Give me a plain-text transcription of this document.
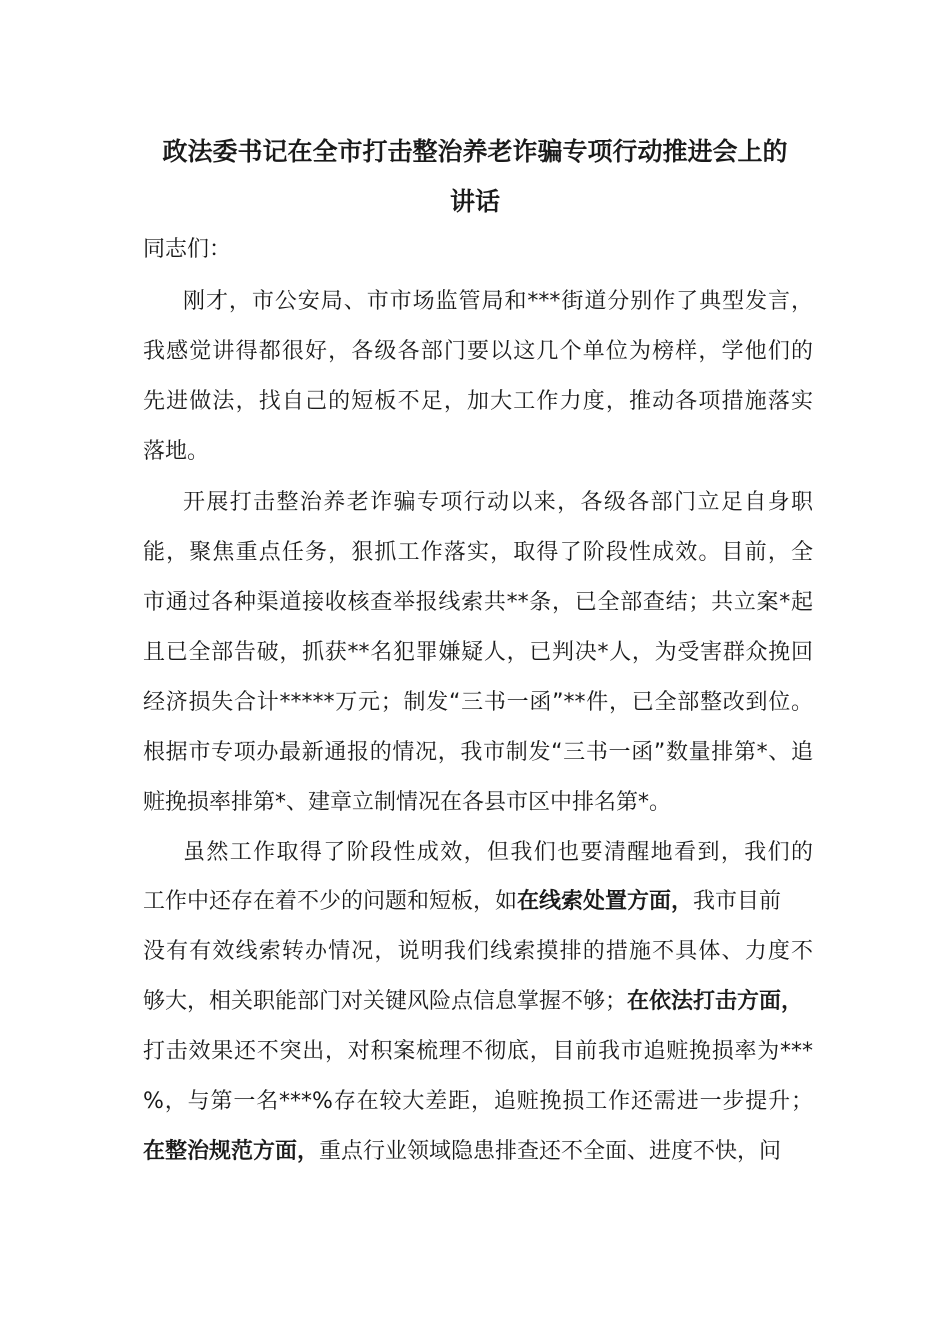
政法委书记在全市打击整治养老诈骗专项行动推进会上的
讲话
同志们：
刚才，市公安局、市市场监管局和***街道分别作了典型发言，
我感觉讲得都很好，各级各部门要以这几个单位为榜样，学他们的
先进做法，找自己的短板不足，加大工作力度，推动各项措施落实
落地。
开展打击整治养老诈骗专项行动以来，各级各部门立足自身职
能，聚焦重点任务，狠抓工作落实，取得了阶段性成效。目前，全
市通过各种渠道接收核查举报线索共**条，已全部查结；共立案*起
且已全部告破，抓获**名犯罪嫌疑人，已判决*人，为受害群众挽回
经济损失合计*****万元；制发“三书一函”**件，已全部整改到位。
根据市专项办最新通报的情况，我市制发“三书一函”数量排第*、追
赃挽损率排第*、建章立制情况在各县市区中排名第*。
虽然工作取得了阶段性成效，但我们也要清醒地看到，我们的
工作中还存在着不少的问题和短板，如在线索处置方面，我市目前
没有有效线索转办情况，说明我们线索摸排的措施不具体、力度不
够大，相关职能部门对关键风险点信息掌握不够；在依法打击方面，
打击效果还不突出，对积案梳理不彻底，目前我市追赃挽损率为***
%，与第一名***%存在较大差距，追赃挽损工作还需进一步提升；
在整治规范方面，重点行业领域隐患排查还不全面、进度不快，问
